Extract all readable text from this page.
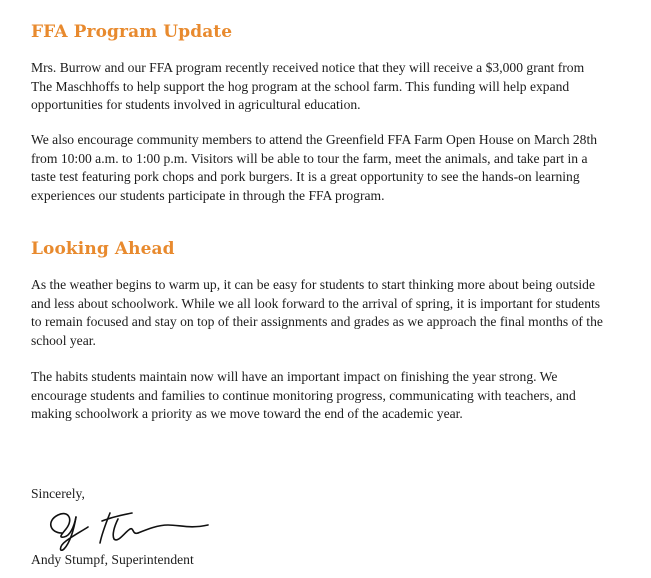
FFA Program Update

Mrs. Burrow and our FFA program recently received notice that they will receive a $3,000 grant from The Maschhoffs to help support the hog program at the school farm. This funding will help expand opportunities for students involved in agricultural education.

We also encourage community members to attend the Greenfield FFA Farm Open House on March 28th from 10:00 a.m. to 1:00 p.m. Visitors will be able to tour the farm, meet the animals, and take part in a taste test featuring pork chops and pork burgers. It is a great opportunity to see the hands-on learning experiences our students participate in through the FFA program.

Looking Ahead

As the weather begins to warm up, it can be easy for students to start thinking more about being outside and less about schoolwork. While we all look forward to the arrival of spring, it is important for students to remain focused and stay on top of their assignments and grades as we approach the final months of the school year.

The habits students maintain now will have an important impact on finishing the year strong. We encourage students and families to continue monitoring progress, communicating with teachers, and making schoolwork a priority as we move toward the end of the academic year.

Sincerely,

Andy Stumpf, Superintendent
